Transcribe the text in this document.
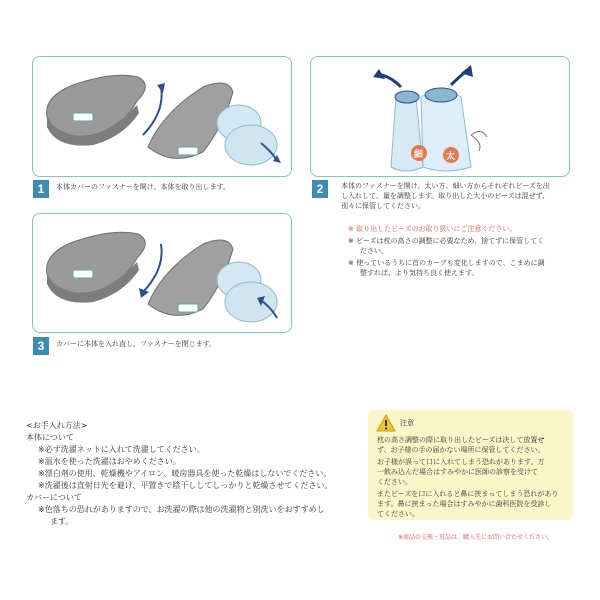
1	本体カバーのファスナーを開け、本体を取り出します。
細	太
2	本体のファスナーを開け、太い方、細い方からそれぞれビーズを出
し入れして、量を調整します。取り出した大小のビーズは混ぜず、
別々に保管してください。
※ 取り出したビーズのお取り扱いにご注意ください。
※ ビーズは枕の高さの調整に必要なため、捨てずに保管してく
ださい。
※ 使っているうちに首のカーブも変化しますので、こまめに調
整すれば、より気持ち良く使えます。
3	カバーに本体を入れ直し、ファスナーを閉じます。
<お手入れ方法>
本体について
※必ず洗濯ネットに入れて洗濯してください。
※温水を使った洗濯はおやめください。
※漂白剤の使用、乾燥機やアイロン、暖房器具を使った乾燥はしないでください。
※洗濯後は直射日光を避け、平置きで陰干ししてしっかりと乾燥させてください。
カバーについて
※色落ちの恐れがありますので、お洗濯の際は他の洗濯物と別洗いをおすすめし
ます。
注意
枕の高さ調整の際に取り出したビーズは決して放置せ
ず、お子様の手の届かない場所に保管してください。
お子様が誤って口に入れてしまう恐れがあります。万
一飲み込んだ場合はすみやかに医師の診察を受けて
ください。
またビーズを口に入れると鼻に挟まってしまう恐れがあり
ます。鼻に挟まった場合はすみやかに歯科医院を受診し
てください。
※商品の交換・返品は、購入先にお問い合わせください。
